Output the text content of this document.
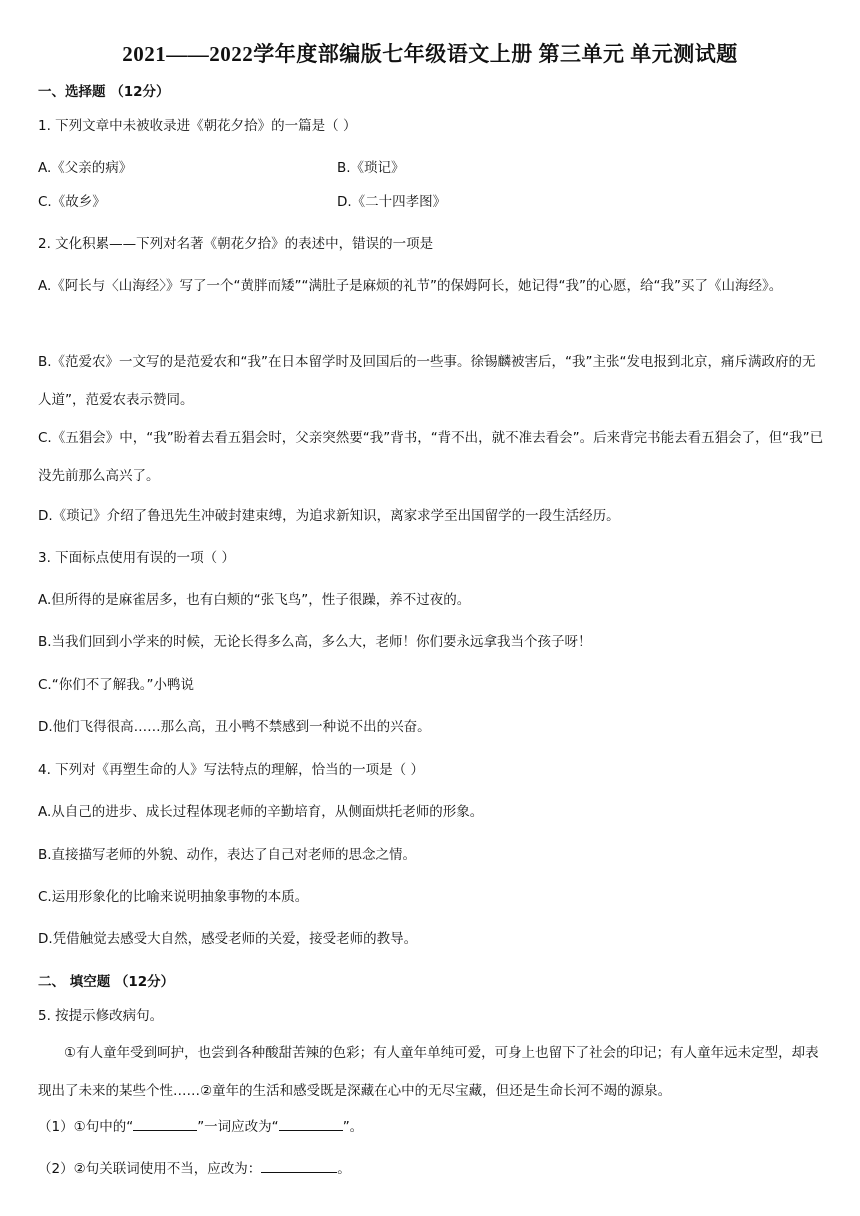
2021——2022学年度部编版七年级语文上册 第三单元 单元测试题
一、选择题 （12分）
1. 下列文章中未被收录进《朝花夕拾》的一篇是（ ）
A.《父亲的病》	B.《琐记》
C.《故乡》	D.《二十四孝图》
2. 文化积累——下列对名著《朝花夕拾》的表述中，错误的一项是
A.《阿长与〈山海经〉》写了一个“黄胖而矮”“满肚子是麻烦的礼节”的保姆阿长，她记得“我”的心愿，给“我”买了《山海经》。
B.《范爱农》一文写的是范爱农和“我”在日本留学时及回国后的一些事。徐锡麟被害后，“我”主张“发电报到北京，痛斥满政府的无人道”，范爱农表示赞同。
C.《五猖会》中，“我”盼着去看五猖会时，父亲突然要“我”背书，“背不出，就不准去看会”。后来背完书能去看五猖会了，但“我”已没先前那么高兴了。
D.《琐记》介绍了鲁迅先生冲破封建束缚，为追求新知识，离家求学至出国留学的一段生活经历。
3. 下面标点使用有误的一项（ ）
A.但所得的是麻雀居多，也有白颊的“张飞鸟”，性子很躁，养不过夜的。
B.当我们回到小学来的时候，无论长得多么高，多么大，老师！你们要永远拿我当个孩子呀！
C.“你们不了解我。”小鸭说
D.他们飞得很高……那么高，丑小鸭不禁感到一种说不出的兴奋。
4. 下列对《再塑生命的人》写法特点的理解，恰当的一项是（ ）
A.从自己的进步、成长过程体现老师的辛勤培育，从侧面烘托老师的形象。
B.直接描写老师的外貌、动作，表达了自己对老师的思念之情。
C.运用形象化的比喻来说明抽象事物的本质。
D.凭借触觉去感受大自然，感受老师的关爱，接受老师的教导。
二、 填空题 （12分）
5. 按提示修改病句。
①有人童年受到呵护，也尝到各种酸甜苦辣的色彩；有人童年单纯可爱，可身上也留下了社会的印记；有人童年远未定型，却表现出了未来的某些个性……②童年的生活和感受既是深藏在心中的无尽宝藏，但还是生命长河不竭的源泉。
（1）①句中的“	”一词应改为“	”。
（2）②句关联词使用不当，应改为：	。
